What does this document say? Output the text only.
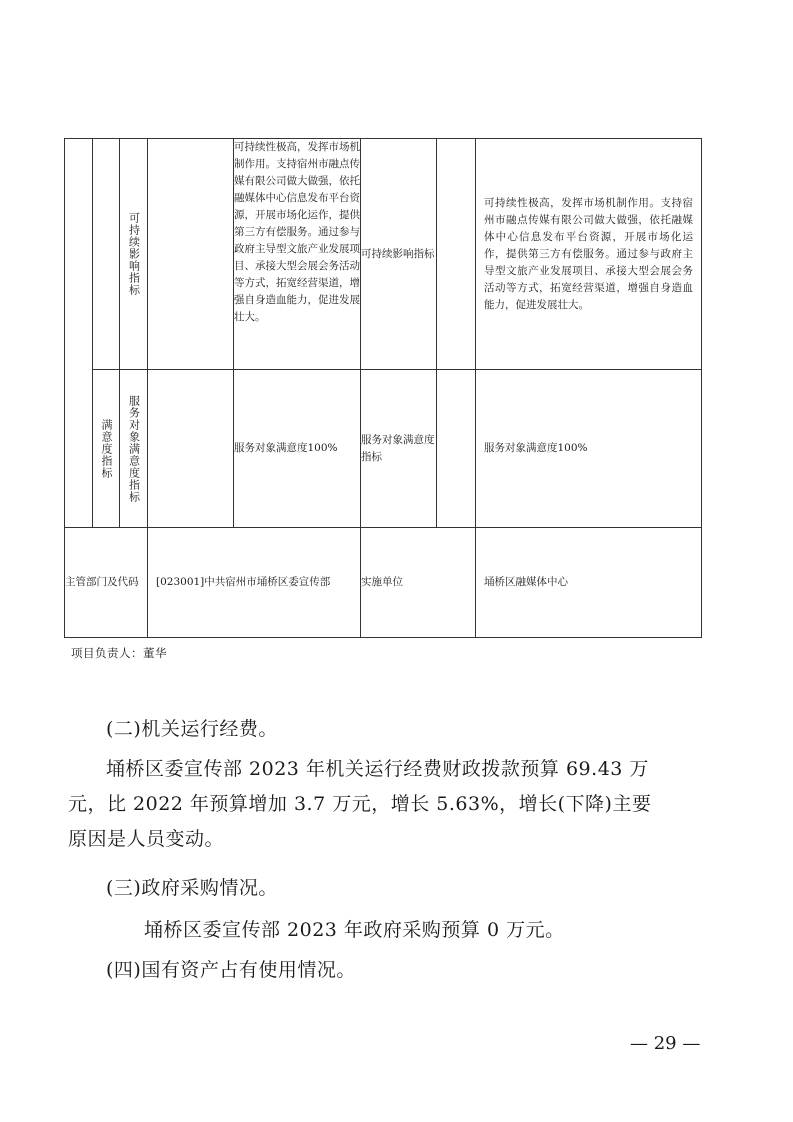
		可持续影响指标		可持续性极高，发挥市场机制作用。支持宿州市融点传媒有限公司做大做强，依托融媒体中心信息发布平台资源，开展市场化运作，提供第三方有偿服务。通过参与政府主导型文旅产业发展项目、承接大型会展会务活动等方式，拓宽经营渠道，增强自身造血能力，促进发展壮大。	可持续影响指标		可持续性极高，发挥市场机制作用。支持宿州市融点传媒有限公司做大做强，依托融媒体中心信息发布平台资源，开展市场化运作，提供第三方有偿服务。通过参与政府主导型文旅产业发展项目、承接大型会展会务活动等方式，拓宽经营渠道，增强自身造血能力，促进发展壮大。

	满意度指标	服务对象满意度指标		服务对象满意度100%	服务对象满意度指标		服务对象满意度100%

主管部门及代码			[023001]中共宿州市埇桥区委宣传部		实施单位		埇桥区融媒体中心
项目负责人：董华
(二)机关运行经费。
埇桥区委宣传部 2023 年机关运行经费财政拨款预算 69.43 万元，比 2022 年预算增加 3.7 万元，增长 5.63%，增长(下降)主要原因是人员变动。
(三)政府采购情况。
埇桥区委宣传部 2023 年政府采购预算 0 万元。
(四)国有资产占有使用情况。
— 29 —
